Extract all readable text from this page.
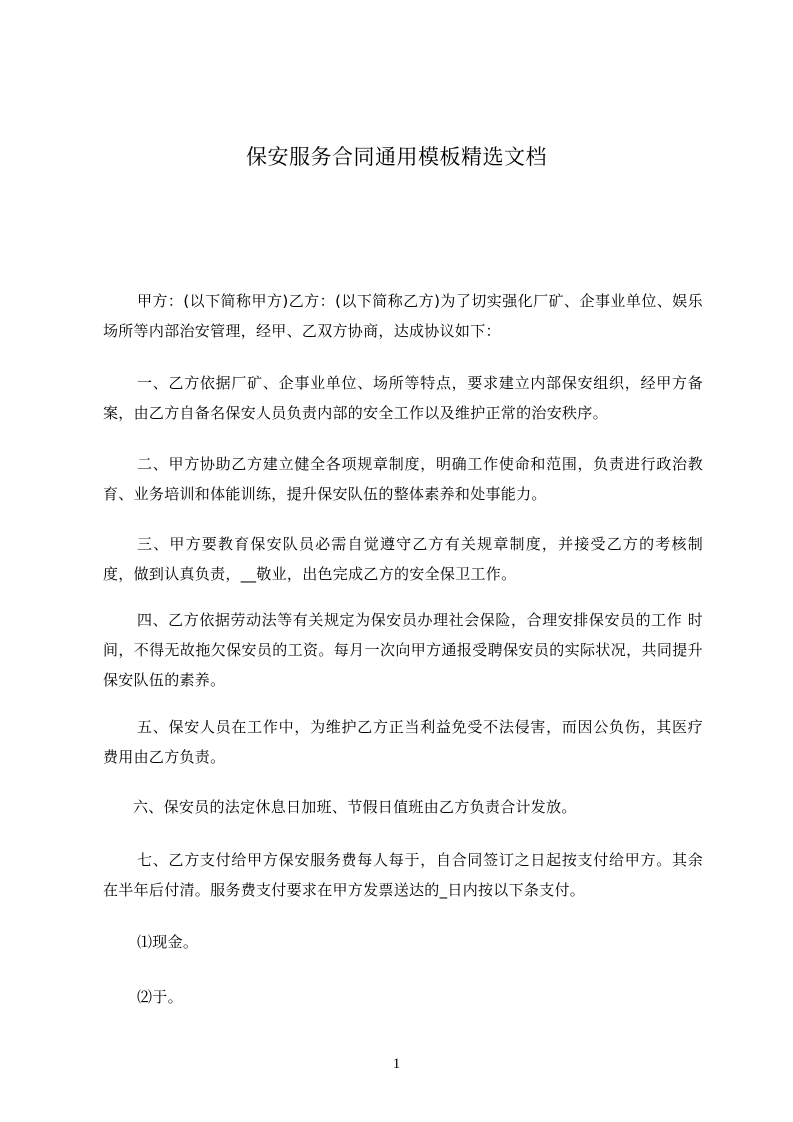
保安服务合同通用模板精选文档

甲方：(以下简称甲方)乙方：(以下简称乙方)为了切实强化厂矿、企事业单位、娱乐场所等内部治安管理，经甲、乙双方协商，达成协议如下：

一、乙方依据厂矿、企事业单位、场所等特点，要求建立内部保安组织，经甲方备案，由乙方自备名保安人员负责内部的安全工作以及维护正常的治安秩序。

二、甲方协助乙方建立健全各项规章制度，明确工作使命和范围，负责进行政治教育、业务培训和体能训练，提升保安队伍的整体素养和处事能力。

三、甲方要教育保安队员必需自觉遵守乙方有关规章制度，并接受乙方的考核制度，做到认真负责，__敬业，出色完成乙方的安全保卫工作。

四、乙方依据劳动法等有关规定为保安员办理社会保险，合理安排保安员的工作 时间，不得无故拖欠保安员的工资。每月一次向甲方通报受聘保安员的实际状况，共同提升保安队伍的素养。

五、保安人员在工作中，为维护乙方正当利益免受不法侵害，而因公负伤，其医疗费用由乙方负责。

六、保安员的法定休息日加班、节假日值班由乙方负责合计发放。

七、乙方支付给甲方保安服务费每人每于，自合同签订之日起按支付给甲方。其余在半年后付清。服务费支付要求在甲方发票送达的_日内按以下条支付。

⑴现金。

⑵于。

1
